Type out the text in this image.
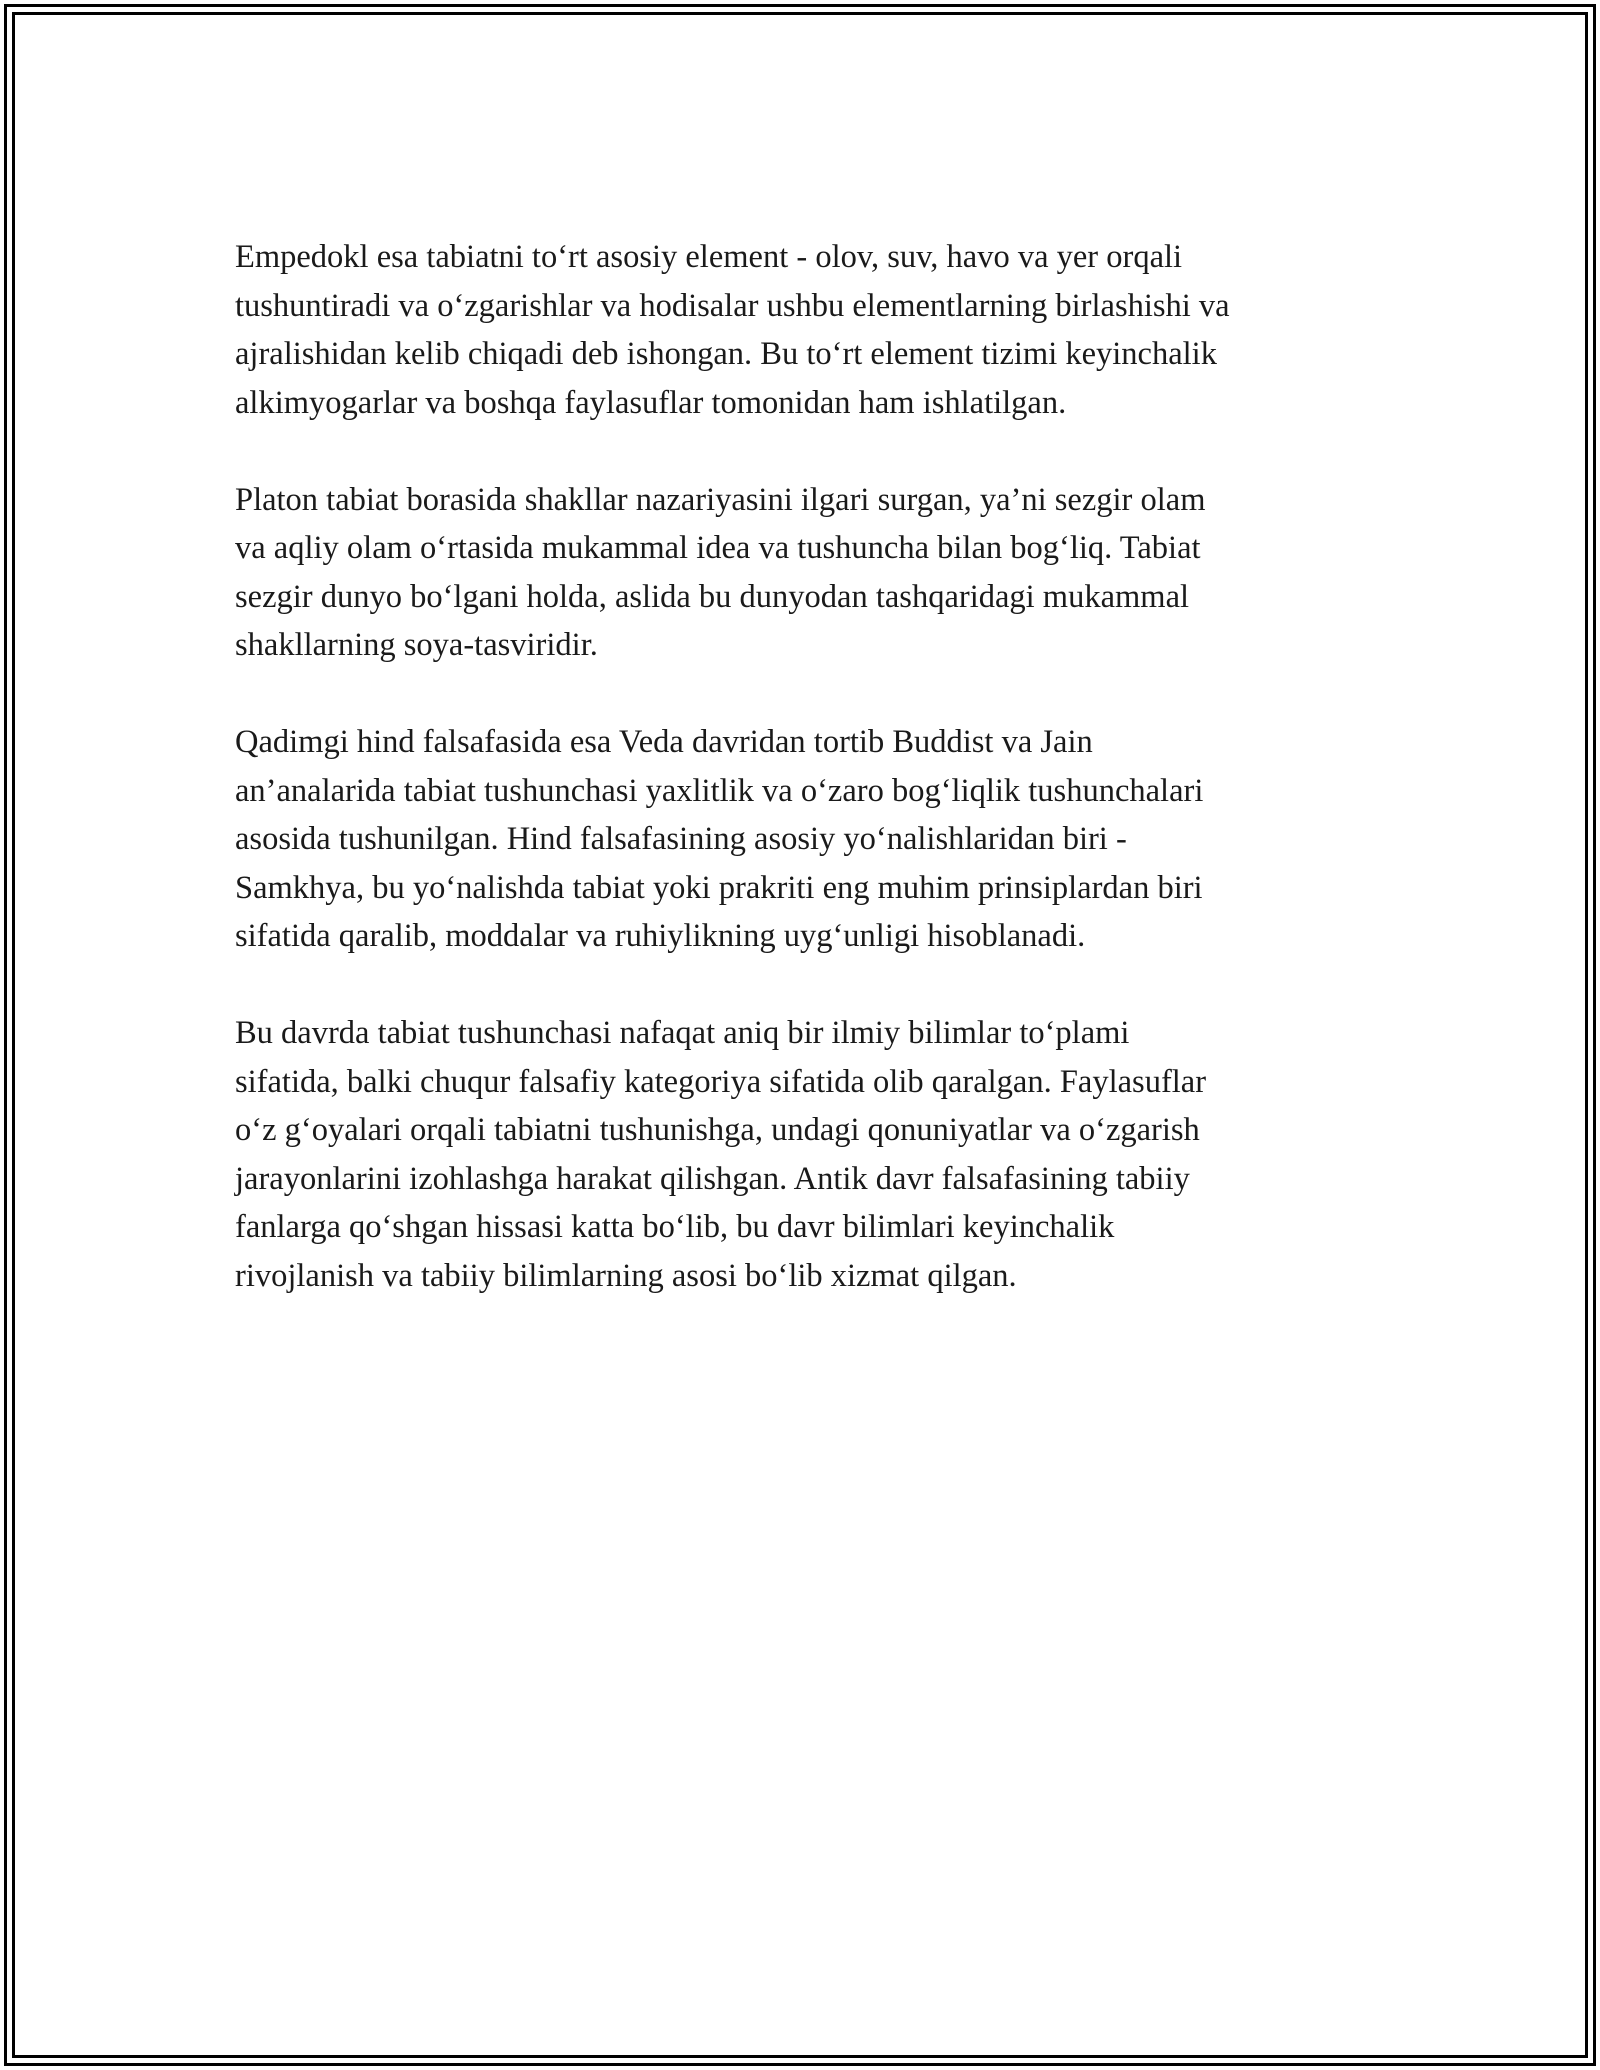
Empedokl esa tabiatni to‘rt asosiy element - olov, suv, havo va yer orqali
tushuntiradi va o‘zgarishlar va hodisalar ushbu elementlarning birlashishi va
ajralishidan kelib chiqadi deb ishongan. Bu to‘rt element tizimi keyinchalik
alkimyogarlar va boshqa faylasuflar tomonidan ham ishlatilgan.

Platon tabiat borasida shakllar nazariyasini ilgari surgan, ya’ni sezgir olam
va aqliy olam o‘rtasida mukammal idea va tushuncha bilan bog‘liq. Tabiat
sezgir dunyo bo‘lgani holda, aslida bu dunyodan tashqaridagi mukammal
shakllarning soya-tasviridir.

Qadimgi hind falsafasida esa Veda davridan tortib Buddist va Jain
an’analarida tabiat tushunchasi yaxlitlik va o‘zaro bog‘liqlik tushunchalari
asosida tushunilgan. Hind falsafasining asosiy yo‘nalishlaridan biri -
Samkhya, bu yo‘nalishda tabiat yoki prakriti eng muhim prinsiplardan biri
sifatida qaralib, moddalar va ruhiylikning uyg‘unligi hisoblanadi.

Bu davrda tabiat tushunchasi nafaqat aniq bir ilmiy bilimlar to‘plami
sifatida, balki chuqur falsafiy kategoriya sifatida olib qaralgan. Faylasuflar
o‘z g‘oyalari orqali tabiatni tushunishga, undagi qonuniyatlar va o‘zgarish
jarayonlarini izohlashga harakat qilishgan. Antik davr falsafasining tabiiy
fanlarga qo‘shgan hissasi katta bo‘lib, bu davr bilimlari keyinchalik
rivojlanish va tabiiy bilimlarning asosi bo‘lib xizmat qilgan.
